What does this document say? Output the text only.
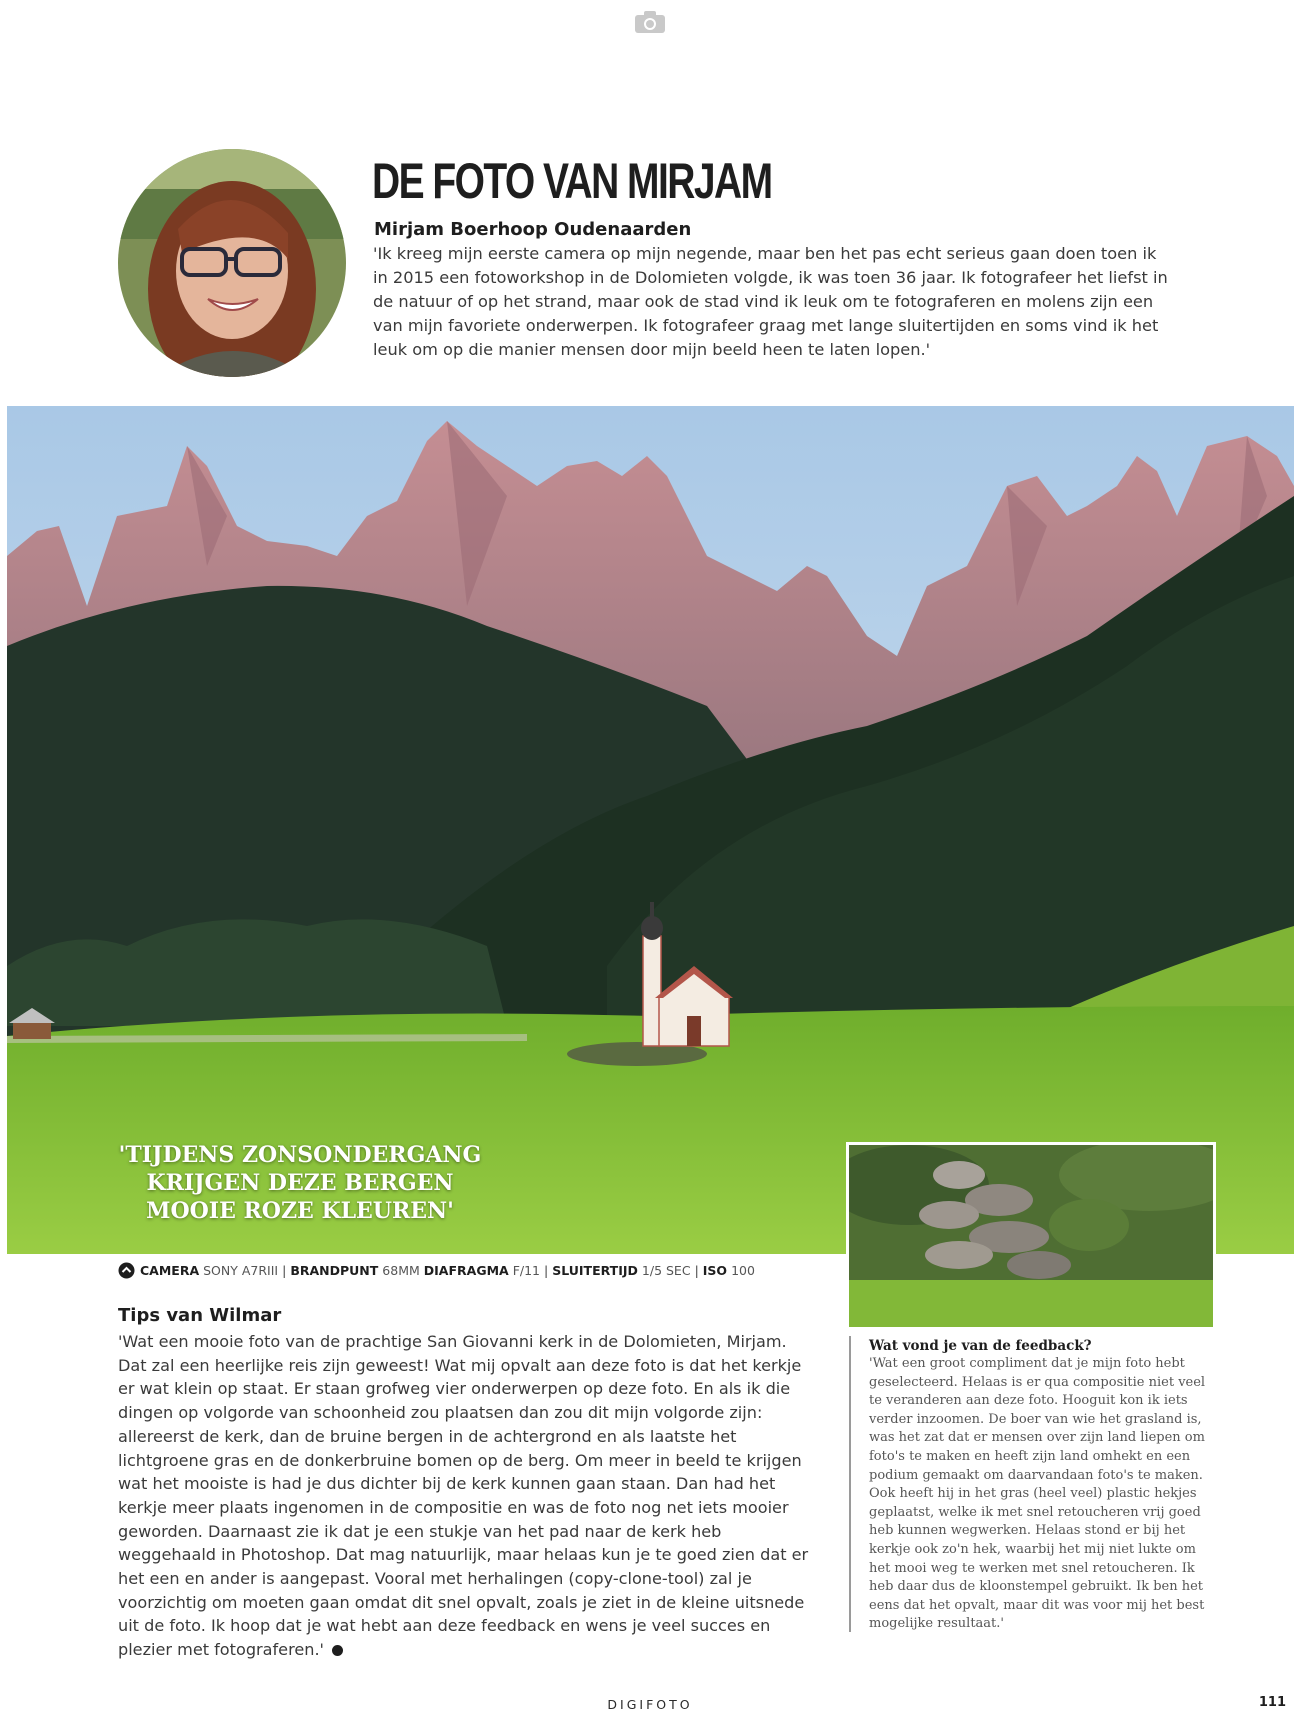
DE FOTO VAN MIRJAM
Mirjam Boerhoop Oudenaarden

'Ik kreeg mijn eerste camera op mijn negende, maar ben het pas echt serieus gaan doen toen ik in 2015 een fotoworkshop in de Dolomieten volgde, ik was toen 36 jaar. Ik fotografeer het liefst in de natuur of op het strand, maar ook de stad vind ik leuk om te fotograferen en molens zijn een van mijn favoriete onderwerpen. Ik fotografeer graag met lange sluitertijden en soms vind ik het leuk om op die manier mensen door mijn beeld heen te laten lopen.'

'TIJDENS ZONSONDERGANG KRIJGEN DEZE BERGEN MOOIE ROZE KLEUREN'

CAMERA SONY A7RIII | BRANDPUNT 68MM DIAFRAGMA F/11 | SLUITERTIJD 1/5 SEC | ISO 100
Tips van Wilmar

'Wat een mooie foto van de prachtige San Giovanni kerk in de Dolomieten, Mirjam. Dat zal een heerlijke reis zijn geweest! Wat mij opvalt aan deze foto is dat het kerkje er wat klein op staat. Er staan grofweg vier onderwerpen op deze foto. En als ik die dingen op volgorde van schoonheid zou plaatsen dan zou dit mijn volgorde zijn: allereerst de kerk, dan de bruine bergen in de achtergrond en als laatste het lichtgroene gras en de donkerbruine bomen op de berg. Om meer in beeld te krijgen wat het mooiste is had je dus dichter bij de kerk kunnen gaan staan. Dan had het kerkje meer plaats ingenomen in de compositie en was de foto nog net iets mooier geworden. Daarnaast zie ik dat je een stukje van het pad naar de kerk heb weggehaald in Photoshop. Dat mag natuurlijk, maar helaas kun je te goed zien dat er het een en ander is aangepast. Vooral met herhalingen (copy-clone-tool) zal je voorzichtig om moeten gaan omdat dit snel opvalt, zoals je ziet in de kleine uitsnede uit de foto. Ik hoop dat je wat hebt aan deze feedback en wens je veel succes en plezier met fotograferen.'

Wat vond je van de feedback?

'Wat een groot compliment dat je mijn foto hebt geselecteerd. Helaas is er qua compositie niet veel te veranderen aan deze foto. Hooguit kon ik iets verder inzoomen. De boer van wie het grasland is, was het zat dat er mensen over zijn land liepen om foto's te maken en heeft zijn land omhekt en een podium gemaakt om daarvandaan foto's te maken. Ook heeft hij in het gras (heel veel) plastic hekjes geplaatst, welke ik met snel retoucheren vrij goed heb kunnen wegwerken. Helaas stond er bij het kerkje ook zo'n hek, waarbij het mij niet lukte om het mooi weg te werken met snel retoucheren. Ik heb daar dus de kloonstempel gebruikt. Ik ben het eens dat het opvalt, maar dit was voor mij het best mogelijke resultaat.'

DIGIFOTO	111
